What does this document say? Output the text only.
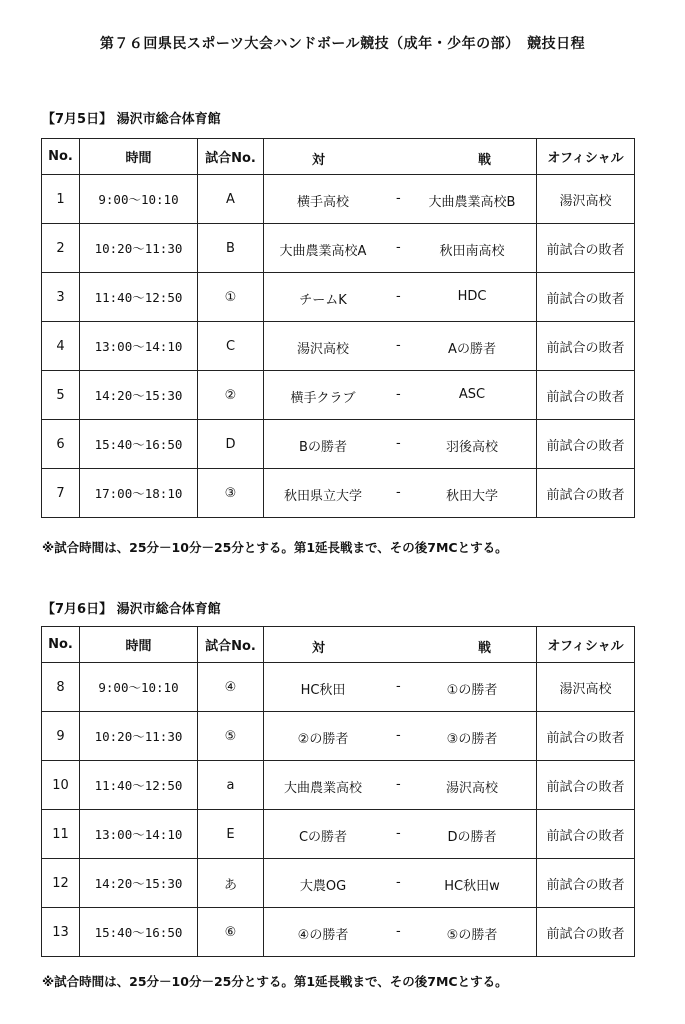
第７６回県民スポーツ大会ハンドボール競技（成年・少年の部）　競技日程
【7月5日】 湯沢市総合体育館
No.	時間	試合No.	対 戦	オフィシャル
1	9:00～10:10	A	横手高校 - 大曲農業高校B	湯沢高校
2	10:20～11:30	B	大曲農業高校A - 秋田南高校	前試合の敗者
3	11:40～12:50	①	チームK - HDC	前試合の敗者
4	13:00～14:10	C	湯沢高校 - Aの勝者	前試合の敗者
5	14:20～15:30	②	横手クラブ - ASC	前試合の敗者
6	15:40～16:50	D	Bの勝者 - 羽後高校	前試合の敗者
7	17:00～18:10	③	秋田県立大学 - 秋田大学	前試合の敗者
※試合時間は、25分－10分－25分とする。第1延長戦まで、その後7MCとする。
【7月6日】 湯沢市総合体育館
No.	時間	試合No.	対 戦	オフィシャル
8	9:00～10:10	④	HC秋田 - ①の勝者	湯沢高校
9	10:20～11:30	⑤	②の勝者 - ③の勝者	前試合の敗者
10	11:40～12:50	a	大曲農業高校 - 湯沢高校	前試合の敗者
11	13:00～14:10	E	Cの勝者 - Dの勝者	前試合の敗者
12	14:20～15:30	あ	大農OG - HC秋田w	前試合の敗者
13	15:40～16:50	⑥	④の勝者 - ⑤の勝者	前試合の敗者
※試合時間は、25分－10分－25分とする。第1延長戦まで、その後7MCとする。
